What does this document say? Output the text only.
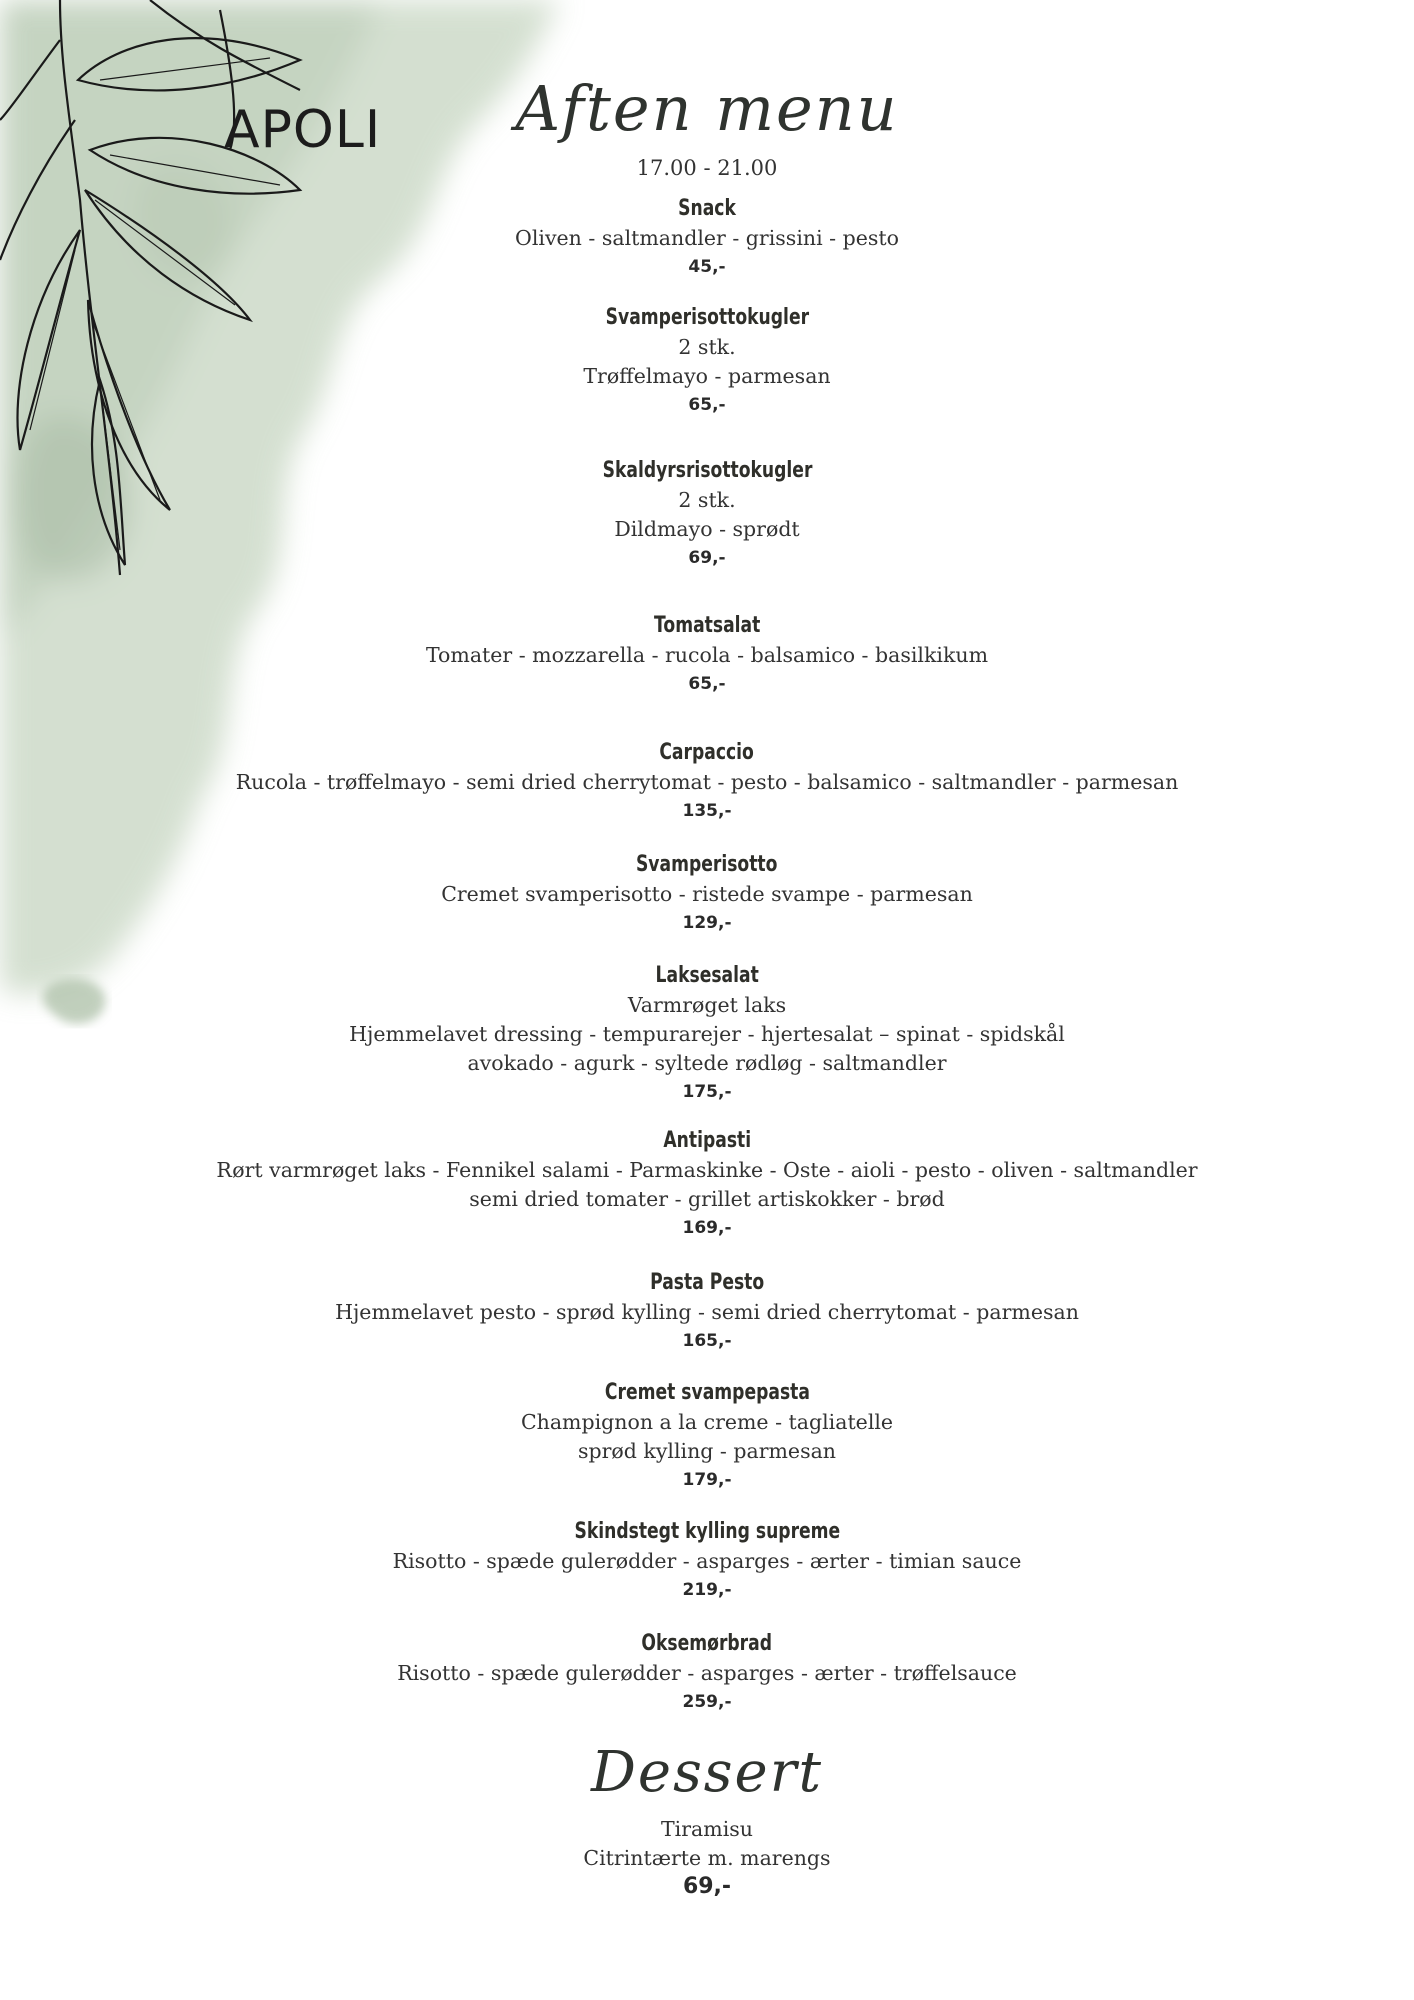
APOLI	Aften menu
17.00 - 21.00
Snack
Oliven - saltmandler - grissini - pesto
45,-
Svamperisottokugler
2 stk.
Trøffelmayo - parmesan
65,-
Skaldyrsrisottokugler
2 stk.
Dildmayo - sprødt
69,-
Tomatsalat
Tomater - mozzarella - rucola - balsamico - basilkikum
65,-
Carpaccio
Rucola - trøffelmayo - semi dried cherrytomat - pesto - balsamico - saltmandler - parmesan
135,-
Svamperisotto
Cremet svamperisotto - ristede svampe - parmesan
129,-
Laksesalat
Varmrøget laks
Hjemmelavet dressing - tempurarejer - hjertesalat – spinat - spidskål
avokado - agurk - syltede rødløg - saltmandler
175,-
Antipasti
Rørt varmrøget laks - Fennikel salami - Parmaskinke - Oste - aioli - pesto - oliven - saltmandler
semi dried tomater - grillet artiskokker - brød
169,-
Pasta Pesto
Hjemmelavet pesto - sprød kylling - semi dried cherrytomat - parmesan
165,-
Cremet svampepasta
Champignon a la creme - tagliatelle
sprød kylling - parmesan
179,-
Skindstegt kylling supreme
Risotto - spæde gulerødder - asparges - ærter - timian sauce
219,-
Oksemørbrad
Risotto - spæde gulerødder - asparges - ærter - trøffelsauce
259,-
Dessert
Tiramisu
Citrintærte m. marengs
69,-
